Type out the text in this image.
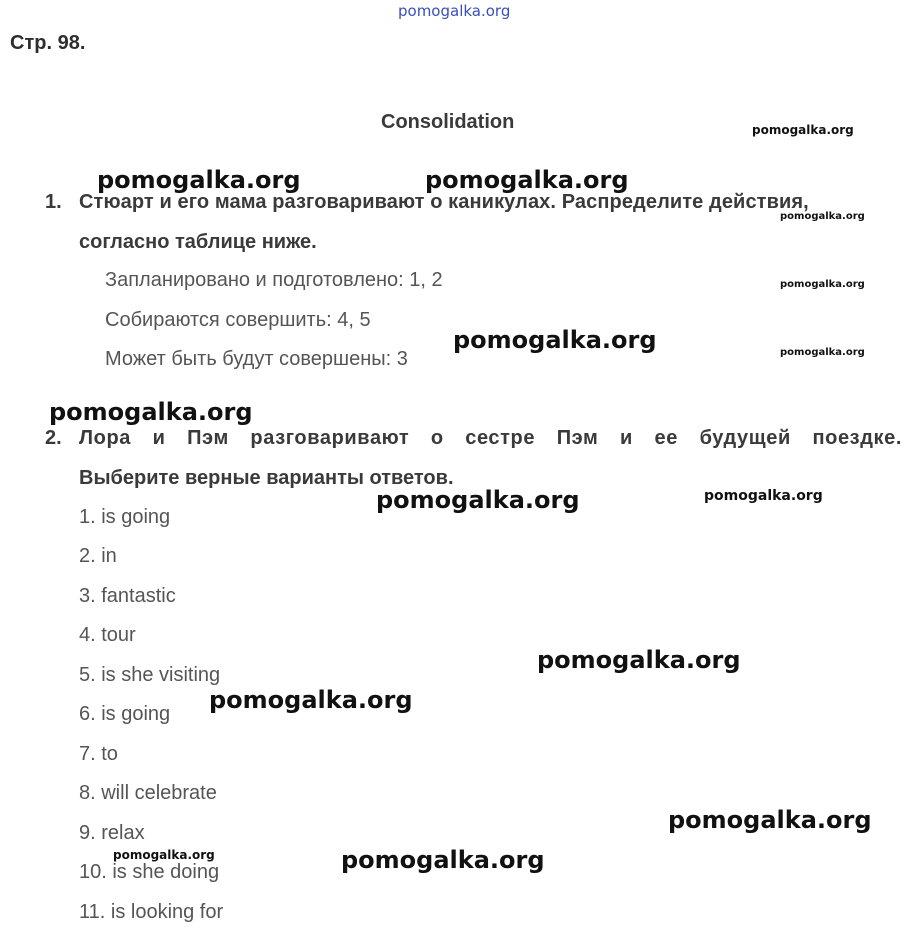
pomogalka.org
Стр. 98.
Consolidation
1. Стюарт и его мама разговаривают о каникулах. Распределите действия,
согласно таблице ниже.
Запланировано и подготовлено: 1, 2
Собираются совершить: 4, 5
Может быть будут совершены: 3
2. Лора и Пэм разговаривают о сестре Пэм и ее будущей поездке.
Выберите верные варианты ответов.
1. is going
2. in
3. fantastic
4. tour
5. is she visiting
6. is going
7. to
8. will celebrate
9. relax
10. is she doing
11. is looking for
pomogalka.org
pomogalka.org	pomogalka.org
pomogalka.org
pomogalka.org
pomogalka.org	pomogalka.org
pomogalka.org
pomogalka.org	pomogalka.org
pomogalka.org
pomogalka.org
pomogalka.org
pomogalka.org	pomogalka.org
